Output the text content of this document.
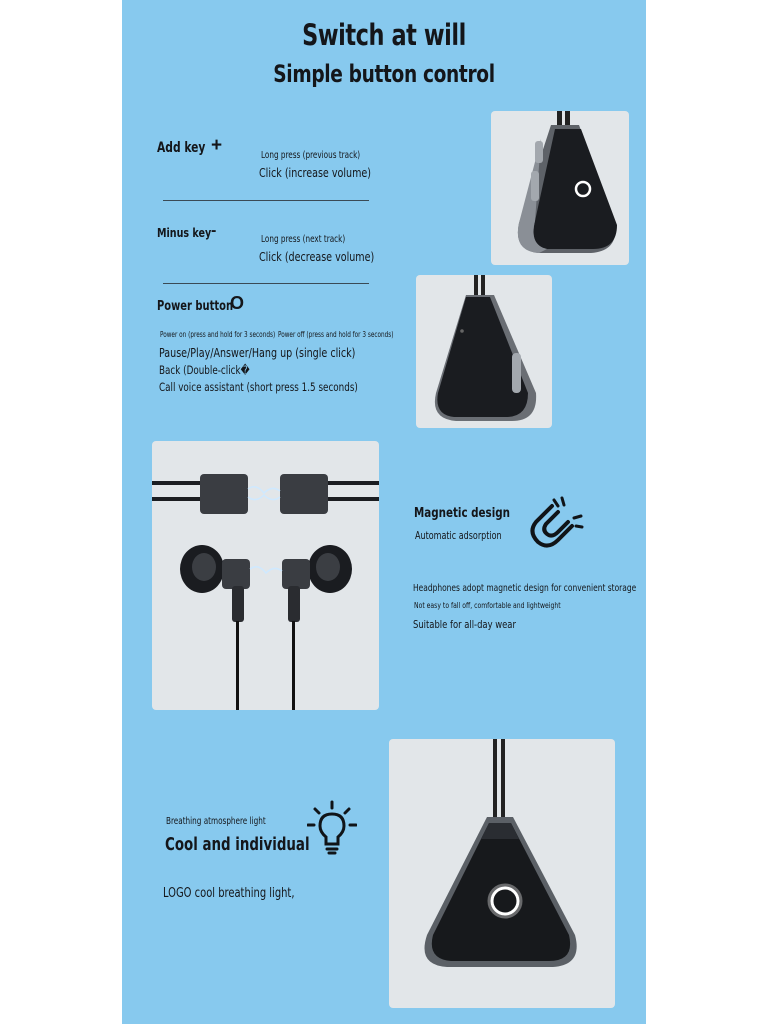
Switch at will
Simple button control
Add key +	Long press (previous track)
Click (increase volume)
Minus key -
Long press (next track)
Click (decrease volume)
Power button
O
Power on (press and hold for 3 seconds) Power off (press and hold for 3 seconds)
Pause/Play/Answer/Hang up (single click)
Back (Double-click�
Call voice assistant (short press 1.5 seconds)
Magnetic design
Automatic adsorption
Headphones adopt magnetic design for convenient storage
Not easy to fall off, comfortable and lightweight
Suitable for all-day wear
Breathing atmosphere light
Cool and individual
LOGO cool breathing light,
